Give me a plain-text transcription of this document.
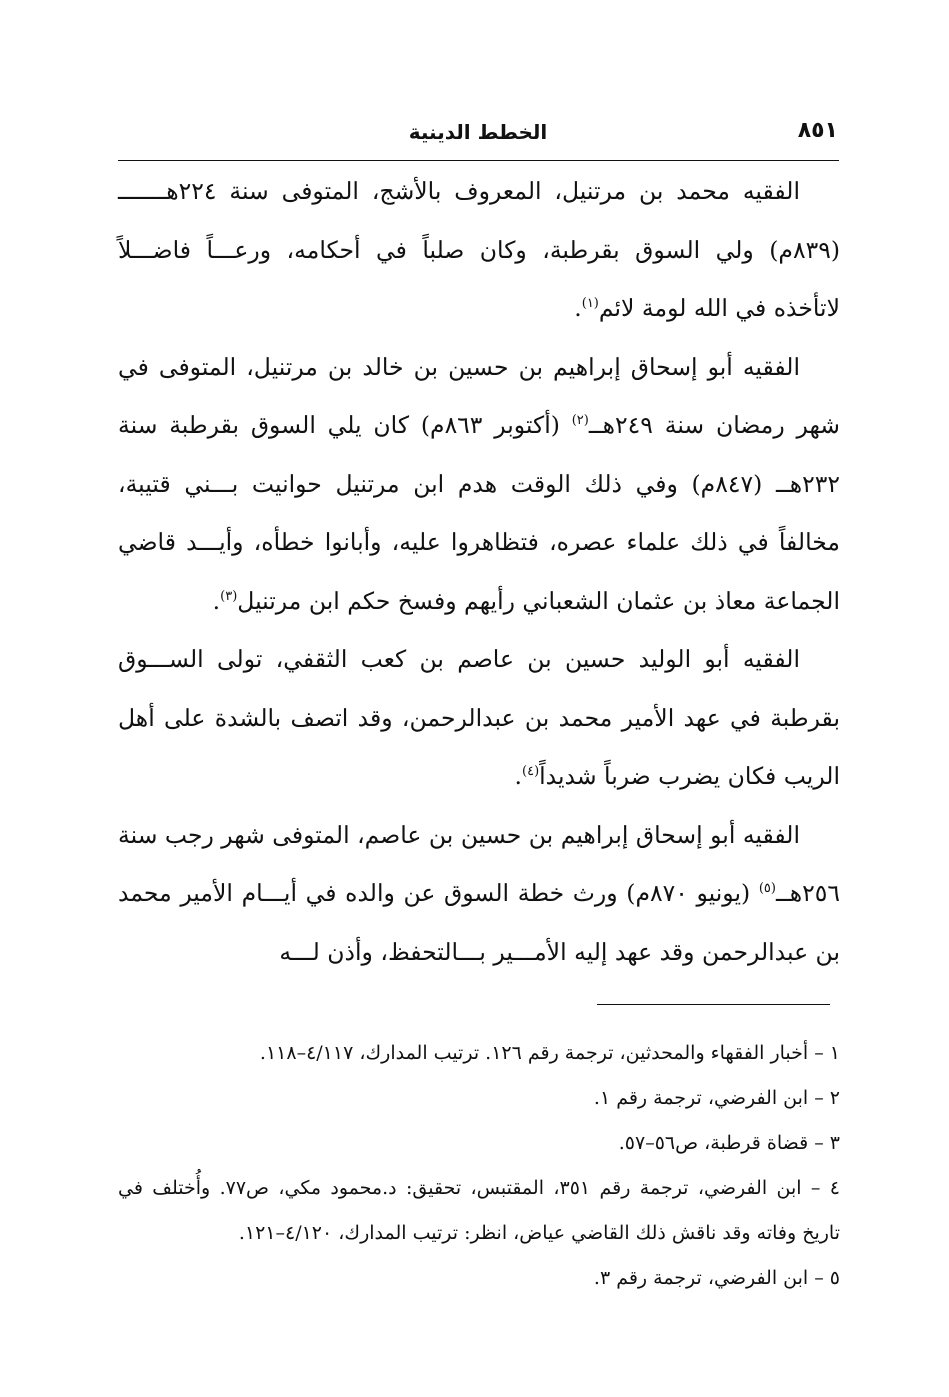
الخطط الدينية	٨٥١

الفقيه محمد بن مرتنيل، المعروف بالأشج، المتوفى سنة ٢٢٤هـــــــ (٨٣٩م) ولي السوق بقرطبة، وكان صلباً في أحكامه، ورعـــاً فاضـــلاً لاتأخذه في الله لومة لائم$^{(١)}$.

الفقيه أبو إسحاق إبراهيم بن حسين بن خالد بن مرتنيل، المتوفى في شهر رمضان سنة ٢٤٩هــ$^{(٢)}$ (أكتوبر ٨٦٣م) كان يلي السوق بقرطبة سنة ٢٣٢هــ (٨٤٧م) وفي ذلك الوقت هدم ابن مرتنيل حوانيت بـــني قتيبة، مخالفاً في ذلك علماء عصره، فتظاهروا عليه، وأبانوا خطأه، وأيـــد قاضي الجماعة معاذ بن عثمان الشعباني رأيهم وفسخ حكم ابن مرتنيل$^{(٣)}$.

الفقيه أبو الوليد حسين بن عاصم بن كعب الثقفي، تولى الســـوق بقرطبة في عهد الأمير محمد بن عبدالرحمن، وقد اتصف بالشدة على أهل الريب فكان يضرب ضرباً شديداً$^{(٤)}$.

الفقيه أبو إسحاق إبراهيم بن حسين بن عاصم، المتوفى شهر رجب سنة ٢٥٦هــ$^{(٥)}$ (يونيو ٨٧٠م) ورث خطة السوق عن والده في أيـــام الأمير محمد بن عبدالرحمن وقد عهد إليه الأمـــير بـــالتحفظ، وأذن لـــه

١ – أخبار الفقهاء والمحدثين، ترجمة رقم ١٢٦. ترتيب المدارك، ٤/١١٧–١١٨.

٢ – ابن الفرضي، ترجمة رقم ١.

٣ – قضاة قرطبة، ص٥٦–٥٧.

٤ – ابن الفرضي، ترجمة رقم ٣٥١، المقتبس، تحقيق: د.محمود مكي، ص٧٧. وأُختلف في تاريخ وفاته وقد ناقش ذلك القاضي عياض، انظر: ترتيب المدارك، ٤/١٢٠–١٢١.

٥ – ابن الفرضي، ترجمة رقم ٣.
